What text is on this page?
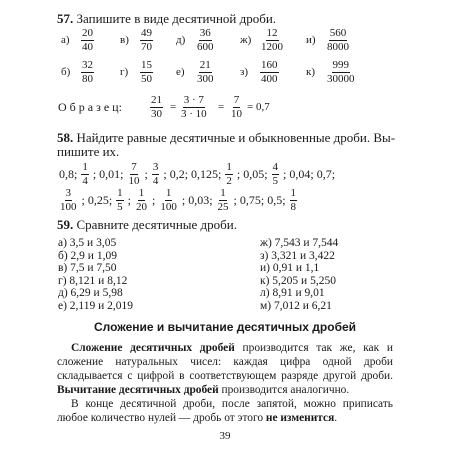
57. Запишите в виде десятичной дроби.
$а) \frac{20}{40} в) \frac{49}{70} д) \frac{36}{600} ж) \frac{12}{1200} и) \frac{560}{8000}$
$б) \frac{32}{80} г) \frac{15}{50} е) \frac{21}{300} з) \frac{160}{400}$	$к) \frac{999}{30000}$
О б р а з е ц:	$\frac{21}{30} = \frac{3 \cdot 7}{3 \cdot 10} = \frac{7}{10} = 0,7$
58. Найдите равные десятичные и обыкновенные дроби. Вы-
пишите их.
0,8; $\frac{1}{4}$ ; 0,01; $\frac{7}{10}$ ; $\frac{3}{4}$ ; 0,2; 0,125; $\frac{1}{2}$ ; 0,05; $\frac{4}{5}$ ; 0,04; 0,7;
$\frac{3}{100}$ ; 0,25; $\frac{1}{5}$ ; $\frac{1}{20}$ ; $\frac{1}{100}$ ; 0,03; $\frac{1}{25}$ ; 0,75; 0,5; $\frac{1}{8}$
59. Сравните десятичные дроби.
а) 3,5 и 3,05
б) 2,9 и 1,09
в) 7,5 и 7,50
г) 8,121 и 8,12
д) 6,29 и 5,98
е) 2,119 и 2,019
ж) 7,543 и 7,544
з) 3,321 и 3,422
и) 0,91 и 1,1
к) 5,205 и 5,250
л) 8,91 и 9,01
м) 7,012 и 6,21
Сложение и вычитание десятичных дробей
Сложение десятичных дробей производится так же, как и сложение натуральных чисел: каждая цифра одной дроби складывается с цифрой в соответствующем разряде другой дроби. Вычитание десятичных дробей производится аналогично.
В конце десятичной дроби, после запятой, можно приписать любое количество нулей — дробь от этого не изменится.
39
